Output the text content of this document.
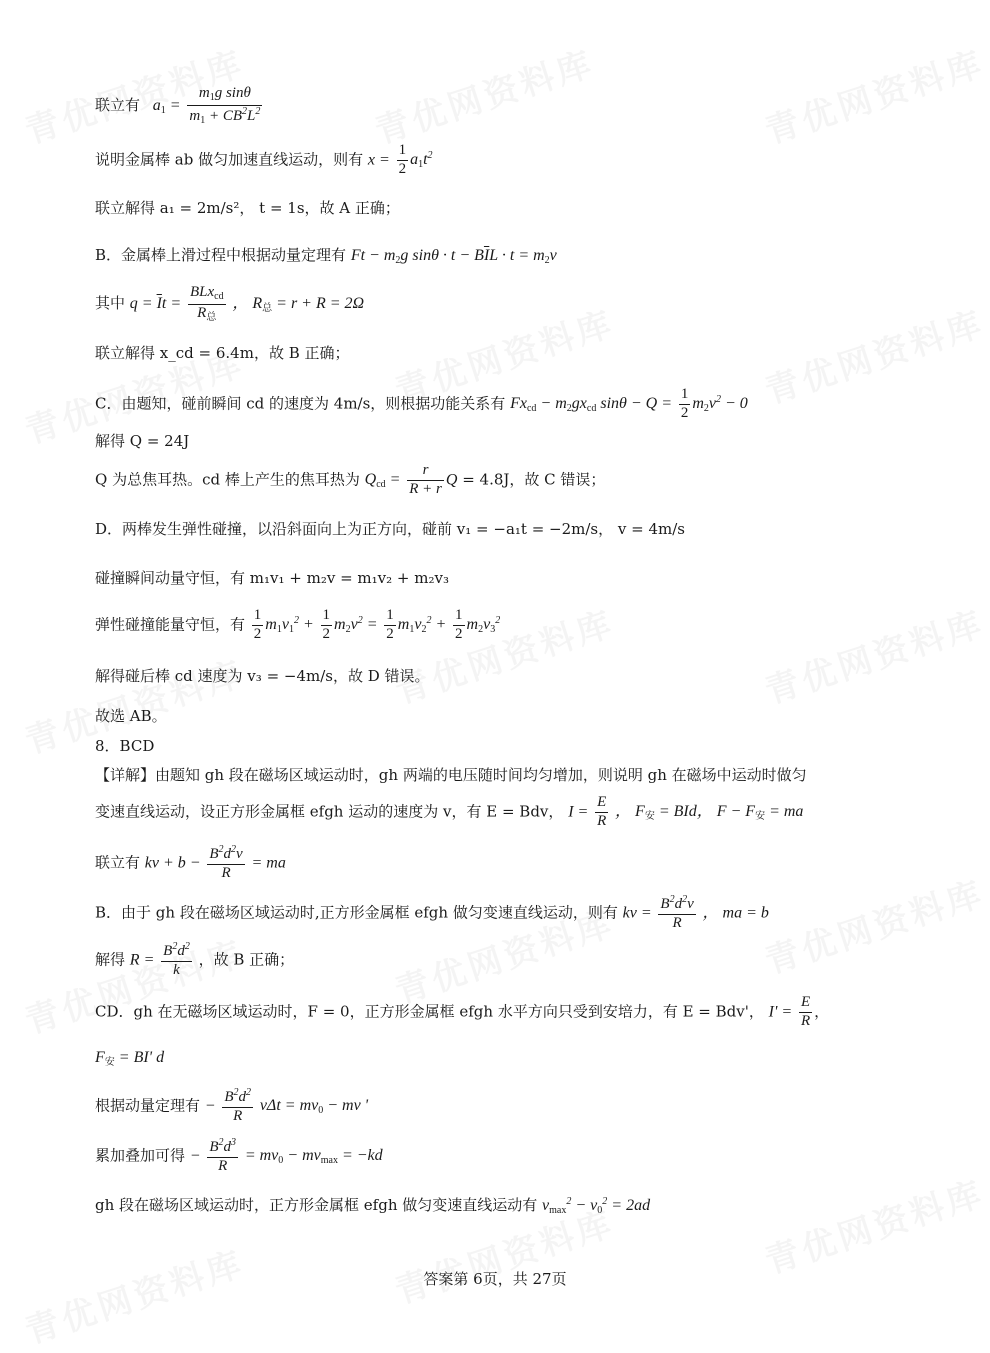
联立有   $a_1 = \frac{m_1g \sin\theta}{m_1 + CB^2L^2}$
说明金属棒 ab 做匀加速直线运动，则有 $x = \frac{1}{2} a_1t^2$
联立解得 a₁ = 2m/s²， t = 1s，故 A 正确；
B．金属棒上滑过程中根据动量定理有 $Ft - m_2g$ $\sin\theta \cdot t - B\overline{I}L \cdot t = m_2v$
其中 $q = \overline{I}t = \frac{BLx_{cd}}{R_总}$ ， $R_总 = r + R = 2\Omega$
联立解得 x_cd = 6.4m，故 B 正确；
C．由题知，碰前瞬间 cd 的速度为 4m/s，则根据功能关系有 $Fx_{cd} - m_2gx_{cd}$ $\sin\theta - Q = \frac{1}{2} m_2v^2 - 0$
解得 Q = 24J
Q 为总焦耳热。cd 棒上产生的焦耳热为 $Q_{cd} = \frac{r}{R + r}$ Q = 4.8J，故 C 错误；
D．两棒发生弹性碰撞，以沿斜面向上为正方向，碰前 v₁ = −a₁t = −2m/s， v = 4m/s
碰撞瞬间动量守恒，有 m₁v₁ + m₂v = m₁v₂ + m₂v₃
弹性碰撞能量守恒，有 $\frac{1}{2} m_1v_1^2 + \frac{1}{2} m_2v^2 = \frac{1}{2} m_1v_2^2 + \frac{1}{2} m_2v_3^2$
解得碰后棒 cd 速度为 v₃ = −4m/s，故 D 错误。
故选 AB。
8．BCD
【详解】由题知 gh 段在磁场区域运动时，gh 两端的电压随时间均匀增加，则说明 gh 在磁场中运动时做匀
变速直线运动，设正方形金属框 efgh 运动的速度为 v，有 E = Bdv， $I = \frac{E}{R}$ ， $F_安$ = BId， $F - F_安$ = ma
联立有 kv + $b - \frac{B^2d^2v}{R}$ = ma
B．由于 gh 段在磁场区域运动时,正方形金属框 efgh 做匀变速直线运动，则有 kv = $\frac{B^2d^2v}{R}$ ， ma = b
解得 $R = \frac{B^2d^2}{k}$ ，故 B 正确；
CD．gh 在无磁场区域运动时，F = 0，正方形金属框 efgh 水平方向只受到安培力，有 E = Bdv'， $I' = \frac{E}{R}$ ，
$F_安 = BI'$ d
根据动量定理有 − $\frac{B^2d^2}{R}$ $v\Delta t = mv_0$ − mv '
累加叠加可得 − $\frac{B^2d^3}{R} = mv_0 - mv_{max} = -kd$
gh 段在磁场区域运动时，正方形金属框 efgh 做匀变速直线运动有 $v_{max}^2 - v_0^2 = 2ad$
答案第 6页，共 27页
